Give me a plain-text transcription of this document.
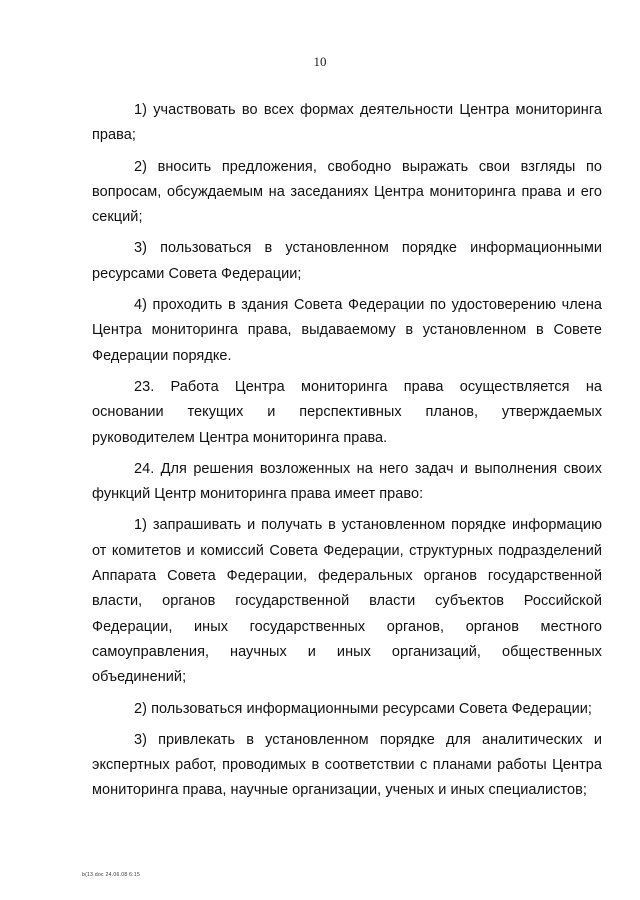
10

1) участвовать во всех формах деятельности Центра мониторинга права;

2) вносить предложения, свободно выражать свои взгляды по вопросам, обсуждаемым на заседаниях Центра мониторинга права и его секций;

3) пользоваться в установленном порядке информационными ресурсами Совета Федерации;

4) проходить в здания Совета Федерации по удостоверению члена Центра мониторинга права, выдаваемому в установленном в Совете Федерации порядке.

23. Работа Центра мониторинга права осуществляется на основании текущих и перспективных планов, утверждаемых руководителем Центра мониторинга права.

24. Для решения возложенных на него задач и выполнения своих функций Центр мониторинга права имеет право:

1) запрашивать и получать в установленном порядке информацию от комитетов и комиссий Совета Федерации, структурных подразделений Аппарата Совета Федерации, федеральных органов государственной власти, органов государственной власти субъектов Российской Федерации, иных государственных органов, органов местного самоуправления, научных и иных организаций, общественных объединений;

2) пользоваться информационными ресурсами Совета Федерации;

3) привлекать в установленном порядке для аналитических и экспертных работ, проводимых в соответствии с планами работы Центра мониторинга права, научные организации, ученых и иных специалистов;

b(13.doc 24.06.08 6:15
